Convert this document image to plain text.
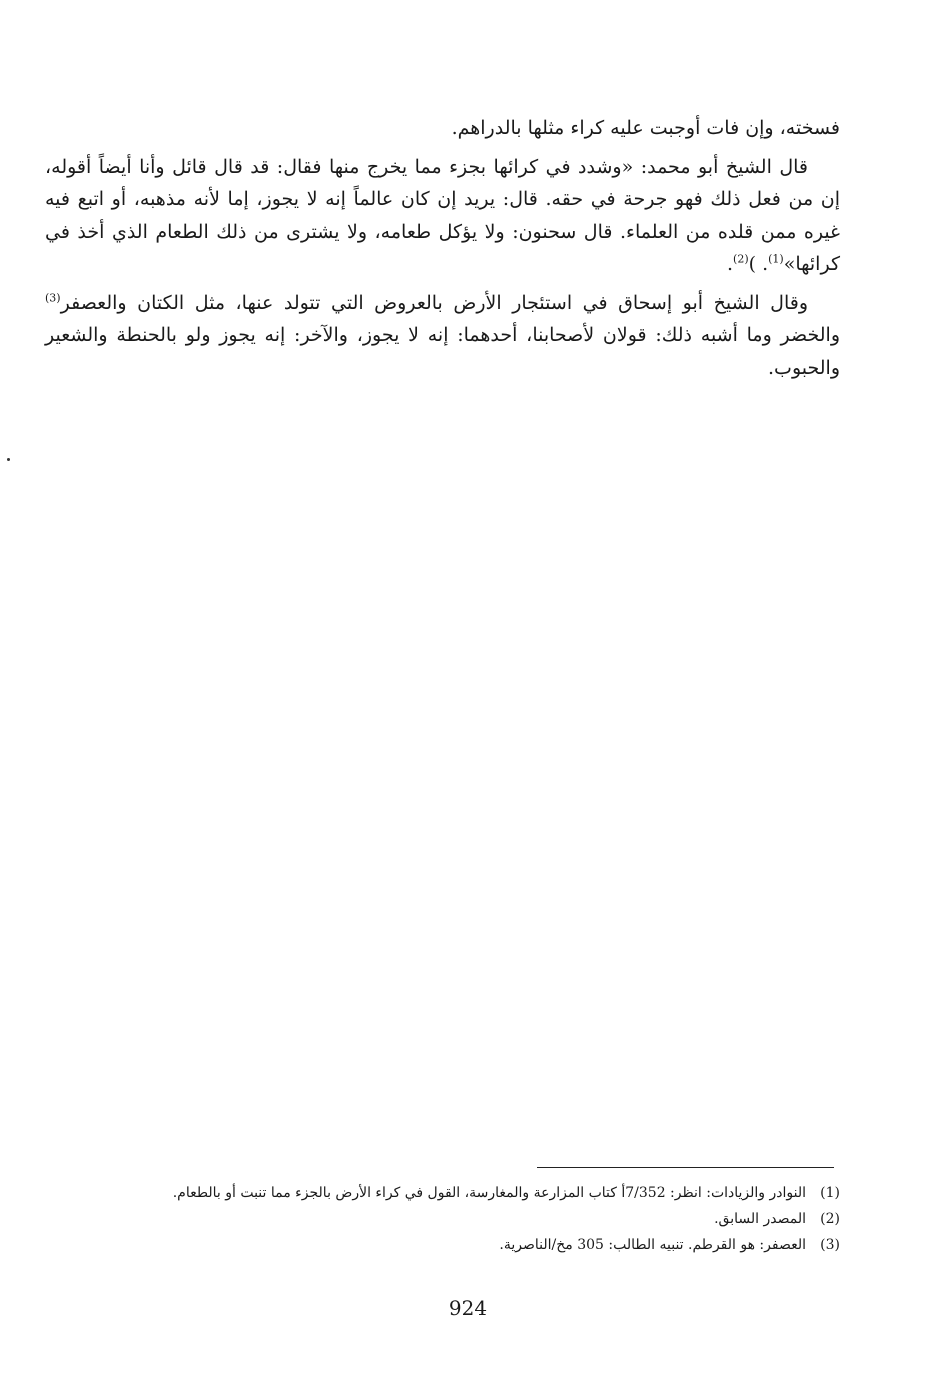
فسخته، وإن فات أوجبت عليه كراء مثلها بالدراهم.

قال الشيخ أبو محمد: «وشدد في كرائها بجزء مما يخرج منها فقال: قد قال قائل وأنا أيضاً أقوله، إن من فعل ذلك فهو جرحة في حقه. قال: يريد إن كان عالماً إنه لا يجوز، إما لأنه مذهبه، أو اتبع فيه غيره ممن قلده من العلماء. قال سحنون: ولا يؤكل طعامه، ولا يشترى من ذلك الطعام الذي أخذ في كرائها»$^{(1)}$. )$^{(2)}$.

وقال الشيخ أبو إسحاق في استئجار الأرض بالعروض التي تتولد عنها، مثل الكتان والعصفر$^{(3)}$ والخضر وما أشبه ذلك: قولان لأصحابنا، أحدهما: إنه لا يجوز، والآخر: إنه يجوز ولو بالحنطة والشعير والحبوب.

(1)
النوادر والزيادات: انظر: 7/352أ كتاب المزارعة والمغارسة، القول في كراء الأرض بالجزء مما تنبت أو بالطعام.
(2)
المصدر السابق.
(3)
العصفر: هو القرطم. تنبيه الطالب: 305 مخ/الناصرية.
924
